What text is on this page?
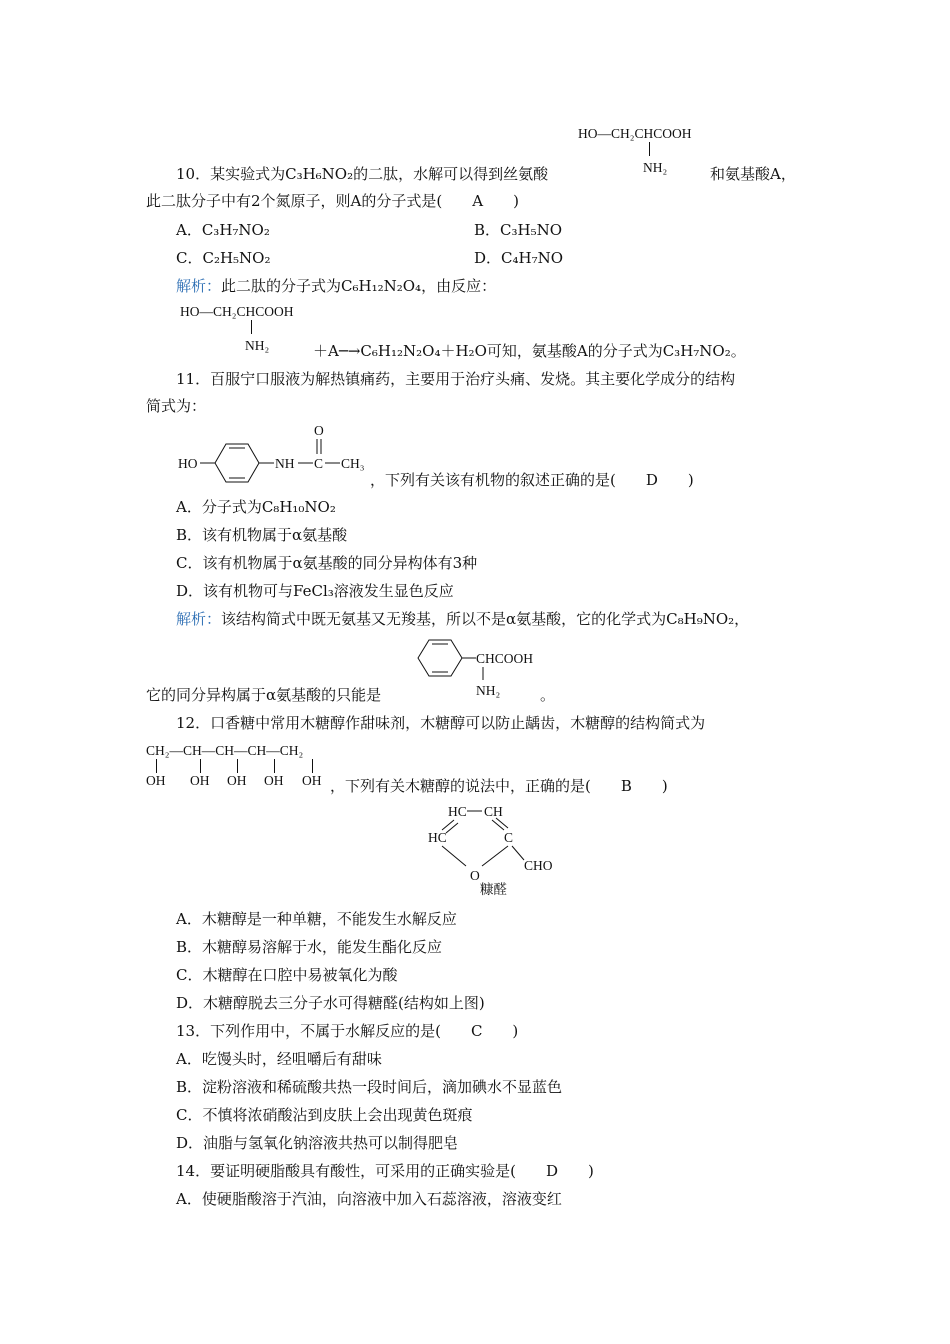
HO—CH₂CHCOOH
NH₂
10．某实验式为C₃H₆NO₂的二肽，水解可以得到丝氨酸	和氨基酸A，
此二肽分子中有2个氮原子，则A的分子式是(　　A　　)
A．C₃H₇NO₂	B．C₃H₅NO
C．C₂H₅NO₂	D．C₄H₇NO
解析：此二肽的分子式为C₆H₁₂N₂O₄，由反应：
HO—CH₂CHCOOH
NH₂	＋A─→C₆H₁₂N₂O₄＋H₂O可知，氨基酸A的分子式为C₃H₇NO₂。
11．百服宁口服液为解热镇痛药，主要用于治疗头痛、发烧。其主要化学成分的结构
简式为：
HO	NH C
O
CH₃
，下列有关该有机物的叙述正确的是(　　D　　)
A．分子式为C₈H₁₀NO₂
B．该有机物属于α氨基酸
C．该有机物属于α氨基酸的同分异构体有3种
D．该有机物可与FeCl₃溶液发生显色反应
解析：该结构简式中既无氨基又无羧基，所以不是α氨基酸，它的化学式为C₈H₉NO₂，
CHCOOH
NH₂
它的同分异构属于α氨基酸的只能是	。
12．口香糖中常用木糖醇作甜味剂，木糖醇可以防止龋齿，木糖醇的结构简式为
CH₂—CH—CH—CH—CH₂
OH OH OH OH OH ，下列有关木糖醇的说法中，正确的是(　　B　　)
HC CH
HC	C
O
CHO
糠醛
A．木糖醇是一种单糖，不能发生水解反应
B．木糖醇易溶解于水，能发生酯化反应
C．木糖醇在口腔中易被氧化为酸
D．木糖醇脱去三分子水可得糖醛(结构如上图)
13．下列作用中，不属于水解反应的是(　　C　　)
A．吃馒头时，经咀嚼后有甜味
B．淀粉溶液和稀硫酸共热一段时间后，滴加碘水不显蓝色
C．不慎将浓硝酸沾到皮肤上会出现黄色斑痕
D．油脂与氢氧化钠溶液共热可以制得肥皂
14．要证明硬脂酸具有酸性，可采用的正确实验是(　　D　　)
A．使硬脂酸溶于汽油，向溶液中加入石蕊溶液，溶液变红
